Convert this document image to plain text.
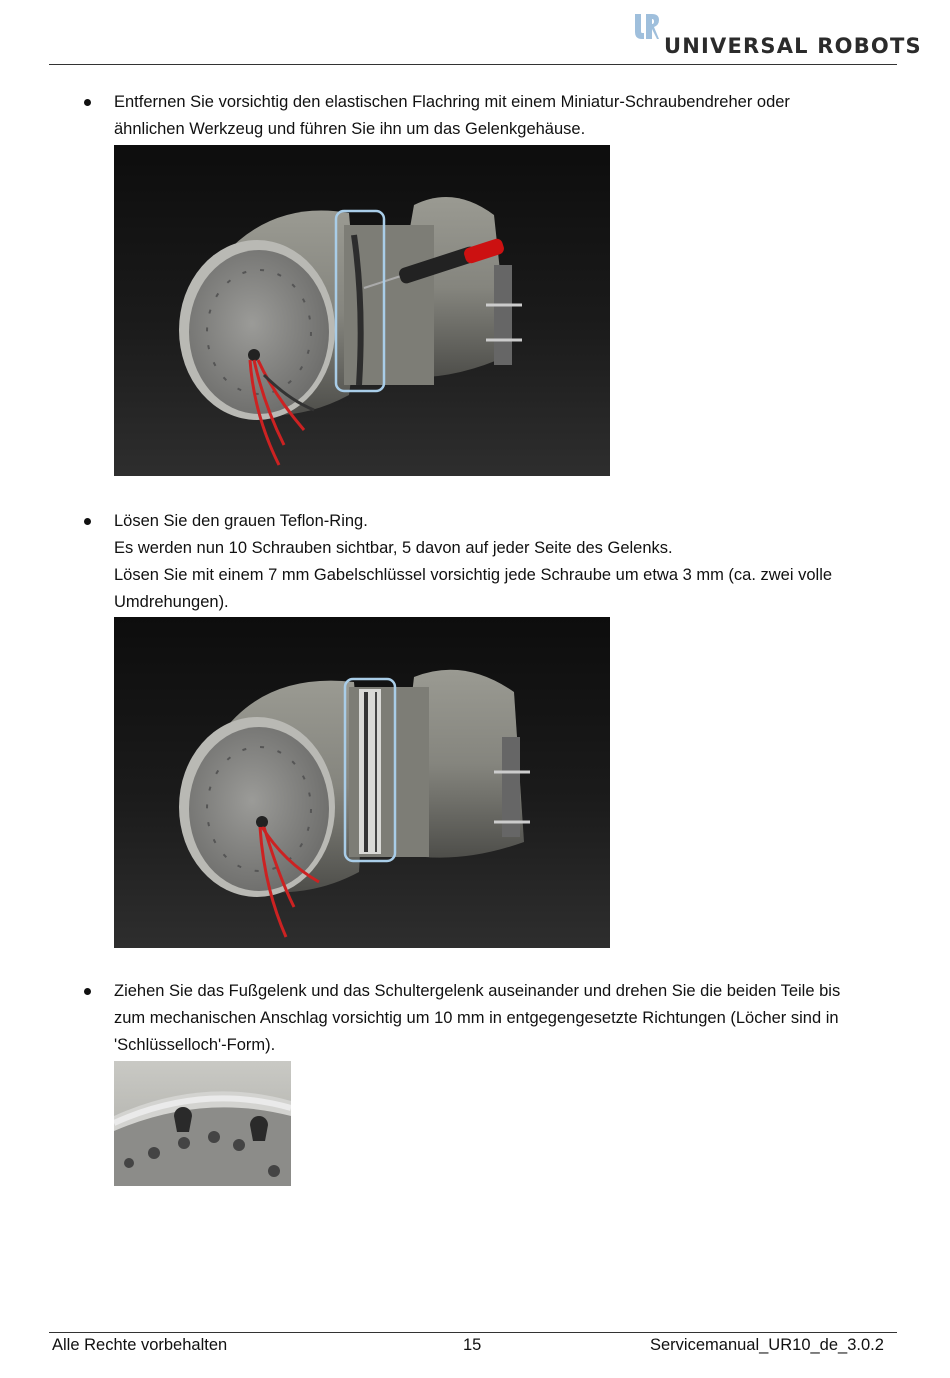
UNIVERSAL ROBOTS
Entfernen Sie vorsichtig den elastischen Flachring mit einem Miniatur-Schraubendreher oder
ähnlichen Werkzeug und führen Sie ihn um das Gelenkgehäuse.
Lösen Sie den grauen Teflon-Ring.
Es werden nun 10 Schrauben sichtbar, 5 davon auf jeder Seite des Gelenks.
Lösen Sie mit einem 7 mm Gabelschlüssel vorsichtig jede Schraube um etwa 3 mm (ca. zwei volle
Umdrehungen).
Ziehen Sie das Fußgelenk und das Schultergelenk auseinander und drehen Sie die beiden Teile bis
zum mechanischen Anschlag vorsichtig um 10 mm in entgegengesetzte Richtungen (Löcher sind in
'Schlüsselloch'-Form).
Alle Rechte vorbehalten	15	Servicemanual_UR10_de_3.0.2
